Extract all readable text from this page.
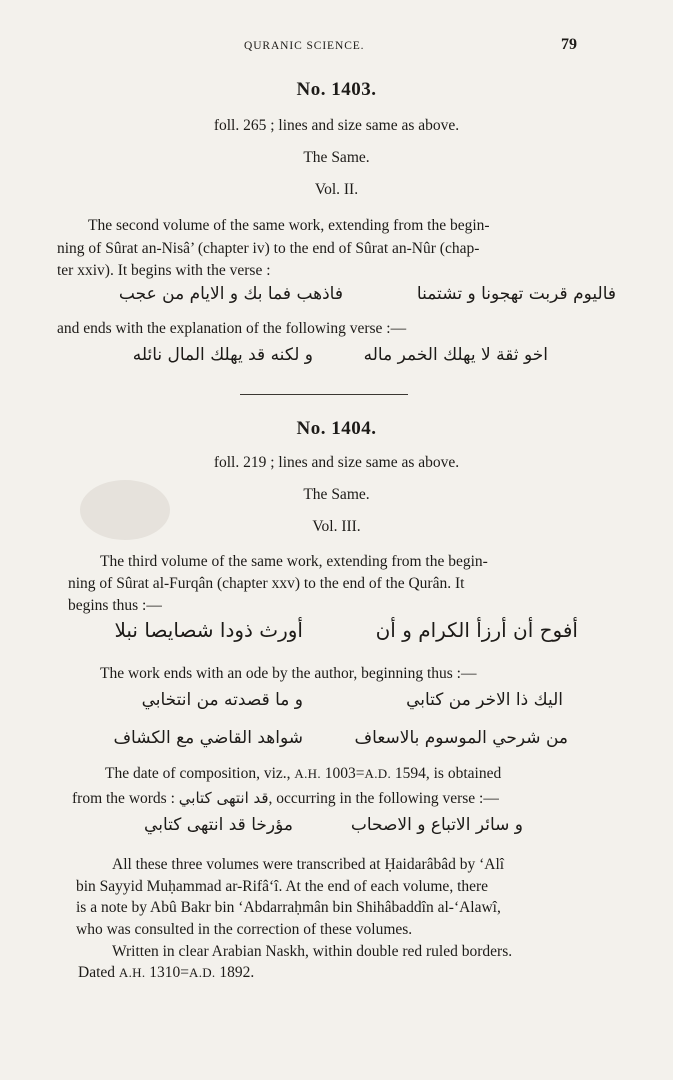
QURANIC SCIENCE.	79
No. 1403.
foll. 265 ; lines and size same as above.
The Same.
Vol. II.
The second volume of the same work, extending from the begin-
ning of Sûrat an-Nisâ’ (chapter iv) to the end of Sûrat an-Nûr (chap-
ter xxiv). It begins with the verse :
فاليوم قربت تهجونا و تشتمنا
فاذهب فما بك و الايام من عجب
and ends with the explanation of the following verse :—
اخو ثقة لا يهلك الخمر ماله
و لكنه قد يهلك المال نائله
No. 1404.
foll. 219 ; lines and size same as above.
The Same.
Vol. III.
The third volume of the same work, extending from the begin-
ning of Sûrat al-Furqân (chapter xxv) to the end of the Qurân. It
begins thus :—
أفوح أن أرزأ الكرام و أن
أورث ذودا شصايصا نبلا
The work ends with an ode by the author, beginning thus :—
اليك ذا الاخر من كتابي
و ما قصدته من انتخابي
من شرحي الموسوم بالاسعاف
شواهد القاضي مع الكشاف
The date of composition, viz., A.H. 1003=A.D. 1594, is obtained
from the words : قد انتهى كتابي, occurring in the following verse :—
و سائر الاتباع و الاصحاب
مؤرخا قد انتهى كتابي
All these three volumes were transcribed at Ḥaidarâbâd by ‘Alî
bin Sayyid Muḥammad ar-Rifâ‘î. At the end of each volume, there
is a note by Abû Bakr bin ‘Abdarraḥmân bin Shihâbaddîn al-‘Alawî,
who was consulted in the correction of these volumes.
Written in clear Arabian Naskh, within double red ruled borders.
Dated A.H. 1310=A.D. 1892.
